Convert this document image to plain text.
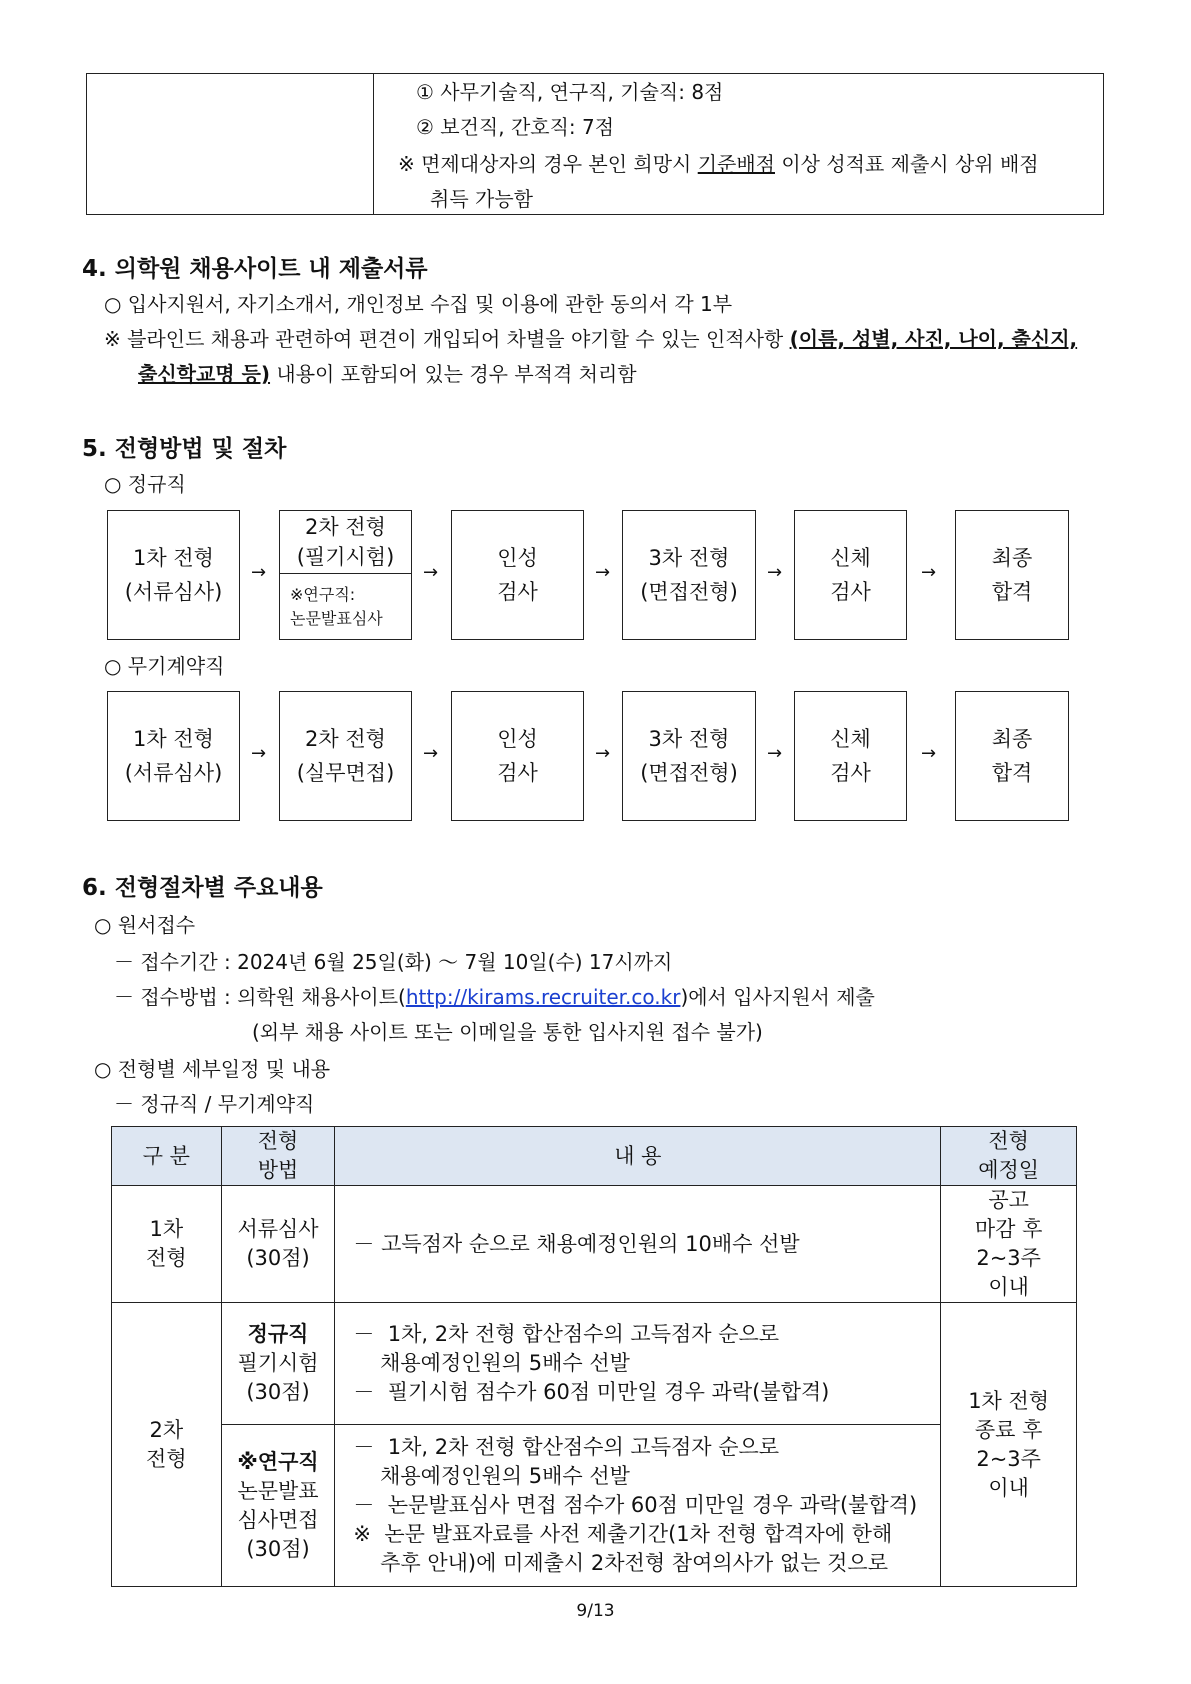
① 사무기술직, 연구직, 기술직: 8점
② 보건직, 간호직: 7점
※ 면제대상자의 경우 본인 희망시 기준배점 이상 성적표 제출시 상위 배점
취득 가능함
4. 의학원 채용사이트 내 제출서류
○ 입사지원서, 자기소개서, 개인정보 수집 및 이용에 관한 동의서 각 1부
※ 블라인드 채용과 관련하여 편견이 개입되어 차별을 야기할 수 있는 인적사항 (이름, 성별, 사진, 나이, 출신지,
출신학교명 등) 내용이 포함되어 있는 경우 부적격 처리함
5. 전형방법 및 절차
○ 정규직
1차 전형
(서류심사)
→
2차 전형
(필기시험)
※연구직:
논문발표심사
→
인성
검사
→
3차 전형
(면접전형)
→
신체
검사
→
최종
합격
○ 무기계약직
1차 전형
(서류심사)
→
2차 전형
(실무면접)
→
인성
검사
→
3차 전형
(면접전형)
→
신체
검사
→
최종
합격
6. 전형절차별 주요내용
○ 원서접수
－ 접수기간 : 2024년 6월 25일(화) ～ 7월 10일(수) 17시까지
－ 접수방법 : 의학원 채용사이트(http://kirams.recruiter.co.kr)에서 입사지원서 제출
(외부 채용 사이트 또는 이메일을 통한 입사지원 접수 불가)
○ 전형별 세부일정 및 내용
－ 정규직 / 무기계약직
구 분	전형
방법	내 용	전형
예정일
1차
전형	서류심사
(30점)	－ 고득점자 순으로 채용예정인원의 10배수 선발	공고
마감 후
2~3주
이내
2차
전형	정규직
필기시험
(30점)	－  1차, 2차 전형 합산점수의 고득점자 순으로
채용예정인원의 5배수 선발
－  필기시험 점수가 60점 미만일 경우 과락(불합격)	1차 전형
종료 후
2~3주
이내
	※연구직
논문발표
심사면접
(30점)	－  1차, 2차 전형 합산점수의 고득점자 순으로
채용예정인원의 5배수 선발
－  논문발표심사 면접 점수가 60점 미만일 경우 과락(불합격)
※  논문 발표자료를 사전 제출기간(1차 전형 합격자에 한해
추후 안내)에 미제출시 2차전형 참여의사가 없는 것으로	
9/13
